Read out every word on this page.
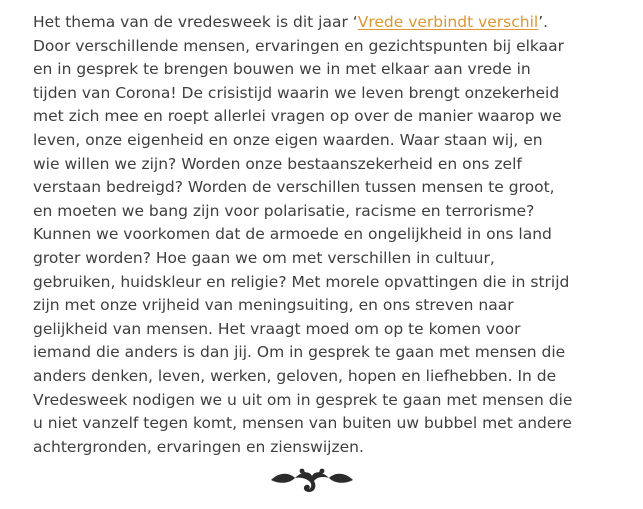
Het thema van de vredesweek is dit jaar ‘Vrede verbindt verschil’.
Door verschillende mensen, ervaringen en gezichtspunten bij elkaar
en in gesprek te brengen bouwen we in met elkaar aan vrede in
tijden van Corona! De crisistijd waarin we leven brengt onzekerheid
met zich mee en roept allerlei vragen op over de manier waarop we
leven, onze eigenheid en onze eigen waarden. Waar staan wij, en
wie willen we zijn? Worden onze bestaanszekerheid en ons zelf
verstaan bedreigd? Worden de verschillen tussen mensen te groot,
en moeten we bang zijn voor polarisatie, racisme en terrorisme?
Kunnen we voorkomen dat de armoede en ongelijkheid in ons land
groter worden? Hoe gaan we om met verschillen in cultuur,
gebruiken, huidskleur en religie? Met morele opvattingen die in strijd
zijn met onze vrijheid van meningsuiting, en ons streven naar
gelijkheid van mensen. Het vraagt moed om op te komen voor
iemand die anders is dan jij. Om in gesprek te gaan met mensen die
anders denken, leven, werken, geloven, hopen en liefhebben. In de
Vredesweek nodigen we u uit om in gesprek te gaan met mensen die
u niet vanzelf tegen komt, mensen van buiten uw bubbel met andere
achtergronden, ervaringen en zienswijzen.
